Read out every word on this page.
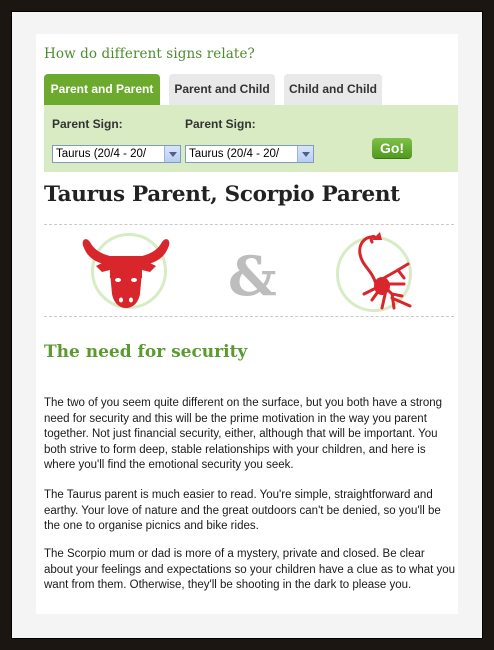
How do different signs relate?
Parent and Parent	Parent and Child	Child and Child
Parent Sign:
Taurus (20/4 - 20/
Parent Sign:
Taurus (20/4 - 20/	Go!
Taurus Parent, Scorpio Parent
&
The need for security

The two of you seem quite different on the surface, but you both have a strong need for security and this will be the prime motivation in the way you parent together. Not just financial security, either, although that will be important. You both strive to form deep, stable relationships with your children, and here is where you'll find the emotional security you seek.

The Taurus parent is much easier to read. You're simple, straightforward and earthy. Your love of nature and the great outdoors can't be denied, so you'll be the one to organise picnics and bike rides.

The Scorpio mum or dad is more of a mystery, private and closed. Be clear about your feelings and expectations so your children have a clue as to what you want from them. Otherwise, they'll be shooting in the dark to please you.
